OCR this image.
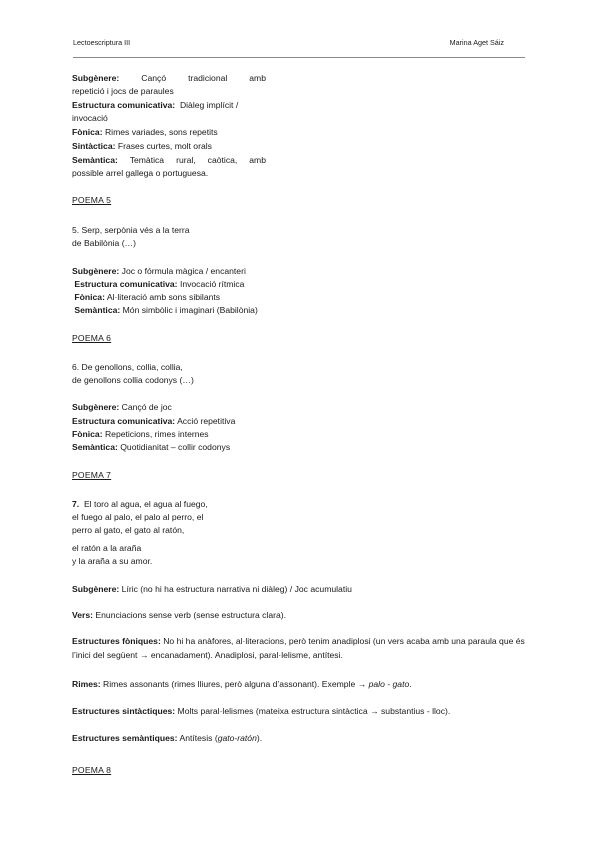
Lectoescriptura III	Marina Aget Sáiz
Subgènere:	Cançó tradicional amb
repetició i jocs de paraules
Estructura comunicativa: Diàleg implícit /
invocació
Fònica: Rimes variades, sons repetits
Sintàctica: Frases curtes, molt orals
Semàntica: Temàtica rural, caòtica, amb
possible arrel gallega o portuguesa.
POEMA 5
5. Serp, serpònia vés a la terra
de Babilònia (…)
Subgènere: Joc o fórmula màgica / encanteri
Estructura comunicativa: Invocació rítmica
Fònica: Al·literació amb sons sibilants
Semàntica: Món simbòlic i imaginari (Babilònia)
POEMA 6
6. De genollons, collia, collia,
de genollons collia codonys (…)
Subgènere: Cançó de joc
Estructura comunicativa: Acció repetitiva
Fònica: Repeticions, rimes internes
Semàntica: Quotidianitat – collir codonys
POEMA 7
7. El toro al agua, el agua al fuego,
el fuego al palo, el palo al perro, el
perro al gato, el gato al ratón,
el ratón a la araña
y la araña a su amor.
Subgènere: Líric (no hi ha estructura narrativa ni diàleg) / Joc acumulatiu
Vers: Enunciacions sense verb (sense estructura clara).
Estructures fòniques: No hi ha anàfores, al·literacions, però tenim anadiplosi (un vers acaba amb una paraula que és l’inici del següent → encanadament). Anadiplosi, paral·lelisme, antítesi.
Rimes: Rimes assonants (rimes lliures, però alguna d’assonant). Exemple → palo - gato.
Estructures sintàctiques: Molts paral·lelismes (mateixa estructura sintàctica → substantius - lloc).
Estructures semàntiques: Antítesis (gato-ratón).
POEMA 8
